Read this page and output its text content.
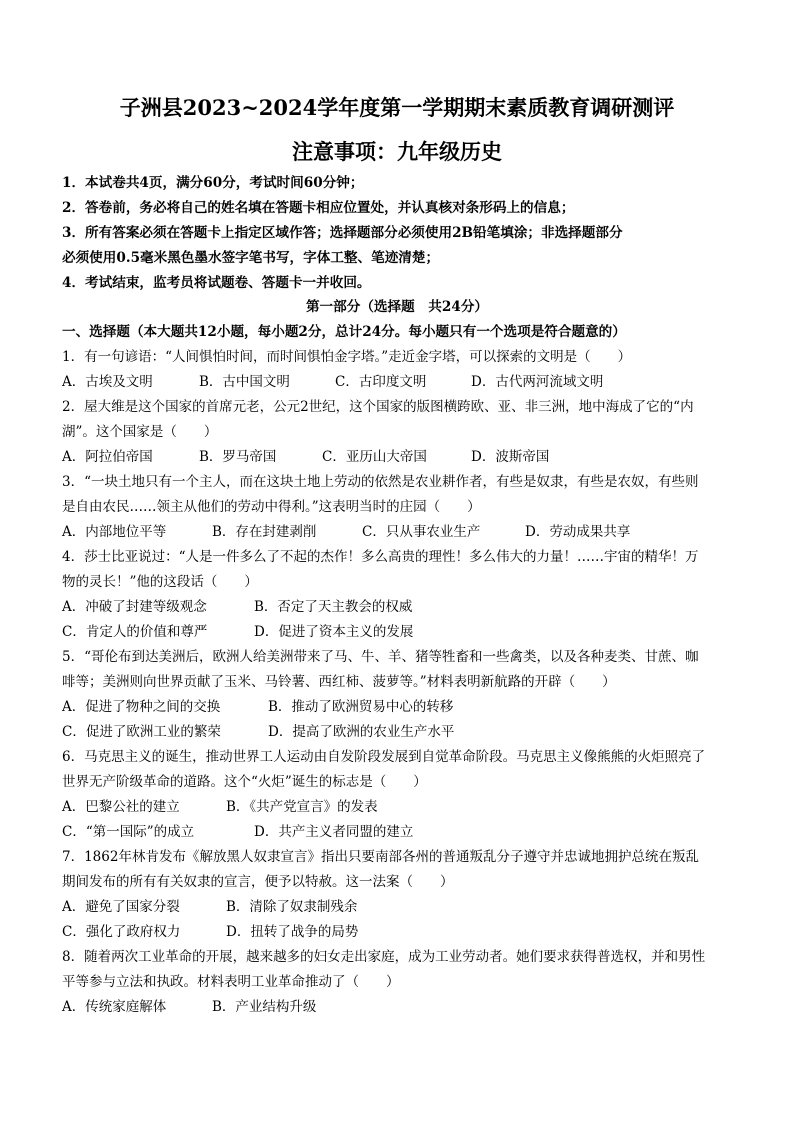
子洲县2023~2024学年度第一学期期末素质教育调研测评
注意事项：九年级历史
1．本试卷共4页，满分60分，考试时间60分钟；
2．答卷前，务必将自己的姓名填在答题卡相应位置处，并认真核对条形码上的信息；
3．所有答案必须在答题卡上指定区域作答；选择题部分必须使用2B铅笔填涂；非选择题部分
必须使用0.5毫米黑色墨水签字笔书写，字体工整、笔迹清楚；
4．考试结束，监考员将试题卷、答题卡一并收回。
第一部分（选择题　共24分）
一、选择题（本大题共12小题，每小题2分，总计24分。每小题只有一个选项是符合题意的）
1．有一句谚语：“人间惧怕时间，而时间惧怕金字塔。”走近金字塔，可以探索的文明是（　　）
A．古埃及文明	B．古中国文明	C．古印度文明	D．古代两河流域文明
2．屋大维是这个国家的首席元老，公元2世纪，这个国家的版图横跨欧、亚、非三洲，地中海成了它的“内
湖”。这个国家是（　　）
A．阿拉伯帝国	B．罗马帝国	C．亚历山大帝国	D．波斯帝国
3．“一块土地只有一个主人，而在这块土地上劳动的依然是农业耕作者，有些是奴隶，有些是农奴，有些则
是自由农民……领主从他们的劳动中得利。”这表明当时的庄园（　　）
A．内部地位平等	B．存在封建剥削	C．只从事农业生产	D．劳动成果共享
4．莎士比亚说过：“人是一件多么了不起的杰作！多么高贵的理性！多么伟大的力量！……宇宙的精华！万
物的灵长！”他的这段话（　　）
A．冲破了封建等级观念	B．否定了天主教会的权威
C．肯定人的价值和尊严	D．促进了资本主义的发展
5．“哥伦布到达美洲后，欧洲人给美洲带来了马、牛、羊、猪等牲畜和一些禽类，以及各种麦类、甘蔗、咖
啡等；美洲则向世界贡献了玉米、马铃薯、西红柿、菠萝等。”材料表明新航路的开辟（　　）
A．促进了物种之间的交换	B．推动了欧洲贸易中心的转移
C．促进了欧洲工业的繁荣	D．提高了欧洲的农业生产水平
6．马克思主义的诞生，推动世界工人运动由自发阶段发展到自觉革命阶段。马克思主义像熊熊的火炬照亮了
世界无产阶级革命的道路。这个“火炬”诞生的标志是（　　）
A．巴黎公社的建立	B．《共产党宣言》的发表
C．“第一国际”的成立	D．共产主义者同盟的建立
7．1862年林肯发布《解放黑人奴隶宣言》指出只要南部各州的普通叛乱分子遵守并忠诚地拥护总统在叛乱
期间发布的所有有关奴隶的宣言，便予以特赦。这一法案（　　）
A．避免了国家分裂	B．清除了奴隶制残余
C．强化了政府权力	D．扭转了战争的局势
8．随着两次工业革命的开展，越来越多的妇女走出家庭，成为工业劳动者。她们要求获得普选权，并和男性
平等参与立法和执政。材料表明工业革命推动了（　　）
A．传统家庭解体	B．产业结构升级
